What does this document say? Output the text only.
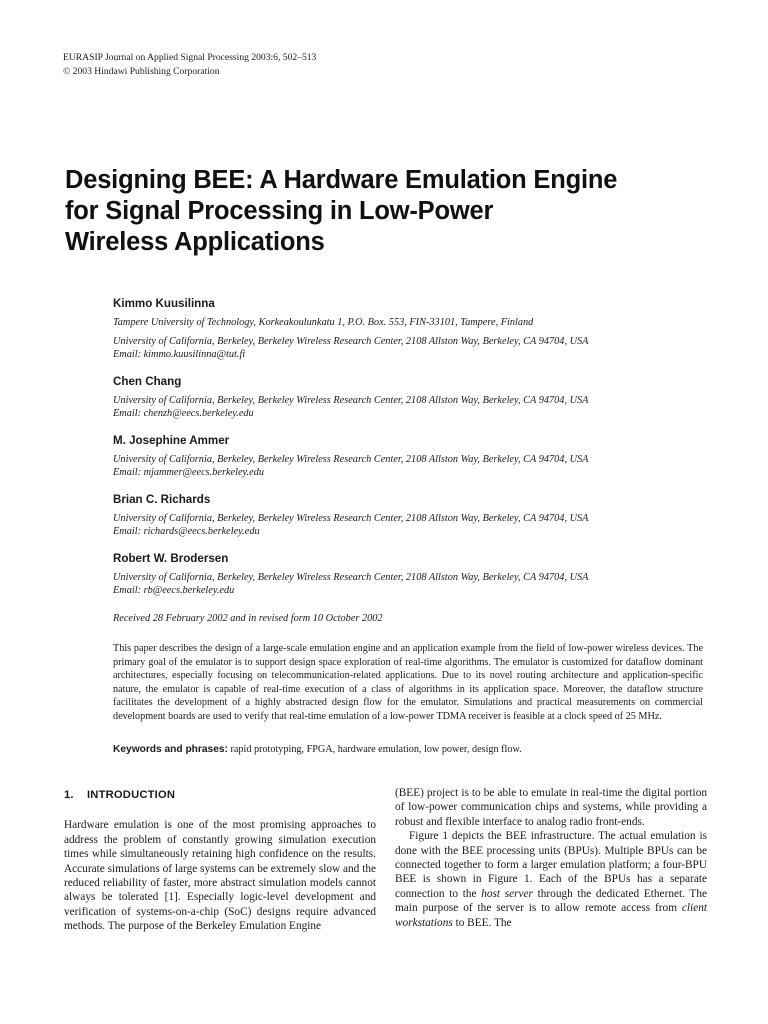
EURASIP Journal on Applied Signal Processing 2003:6, 502–513
© 2003 Hindawi Publishing Corporation
Designing BEE: A Hardware Emulation Engine
for Signal Processing in Low-Power
Wireless Applications
Kimmo Kuusilinna
Tampere University of Technology, Korkeakoulunkatu 1, P.O. Box. 553, FIN-33101, Tampere, Finland
University of California, Berkeley, Berkeley Wireless Research Center, 2108 Allston Way, Berkeley, CA 94704, USA
Email: kimmo.kuusilinna@tut.fi
Chen Chang
University of California, Berkeley, Berkeley Wireless Research Center, 2108 Allston Way, Berkeley, CA 94704, USA
Email: chenzh@eecs.berkeley.edu
M. Josephine Ammer
University of California, Berkeley, Berkeley Wireless Research Center, 2108 Allston Way, Berkeley, CA 94704, USA
Email: mjammer@eecs.berkeley.edu
Brian C. Richards
University of California, Berkeley, Berkeley Wireless Research Center, 2108 Allston Way, Berkeley, CA 94704, USA
Email: richards@eecs.berkeley.edu
Robert W. Brodersen
University of California, Berkeley, Berkeley Wireless Research Center, 2108 Allston Way, Berkeley, CA 94704, USA
Email: rb@eecs.berkeley.edu
Received 28 February 2002 and in revised form 10 October 2002
This paper describes the design of a large-scale emulation engine and an application example from the field of low-power wireless devices. The primary goal of the emulator is to support design space exploration of real-time algorithms. The emulator is customized for dataflow dominant architectures, especially focusing on telecommunication-related applications. Due to its novel routing architecture and application-specific nature, the emulator is capable of real-time execution of a class of algorithms in its application space. Moreover, the dataflow structure facilitates the development of a highly abstracted design flow for the emulator. Simulations and practical measurements on commercial development boards are used to verify that real-time emulation of a low-power TDMA receiver is feasible at a clock speed of 25 MHz.
Keywords and phrases: rapid prototyping, FPGA, hardware emulation, low power, design flow.
1. INTRODUCTION

Hardware emulation is one of the most promising approaches to address the problem of constantly growing simulation execution times while simultaneously retaining high confidence on the results. Accurate simulations of large systems can be extremely slow and the reduced reliability of faster, more abstract simulation models cannot always be tolerated [1]. Especially logic-level development and verification of systems-on-a-chip (SoC) designs require advanced methods. The purpose of the Berkeley Emulation Engine

(BEE) project is to be able to emulate in real-time the digital portion of low-power communication chips and systems, while providing a robust and flexible interface to analog radio front-ends.

Figure 1 depicts the BEE infrastructure. The actual emulation is done with the BEE processing units (BPUs). Multiple BPUs can be connected together to form a larger emulation platform; a four-BPU BEE is shown in Figure 1. Each of the BPUs has a separate connection to the host server through the dedicated Ethernet. The main purpose of the server is to allow remote access from client workstations to BEE. The
